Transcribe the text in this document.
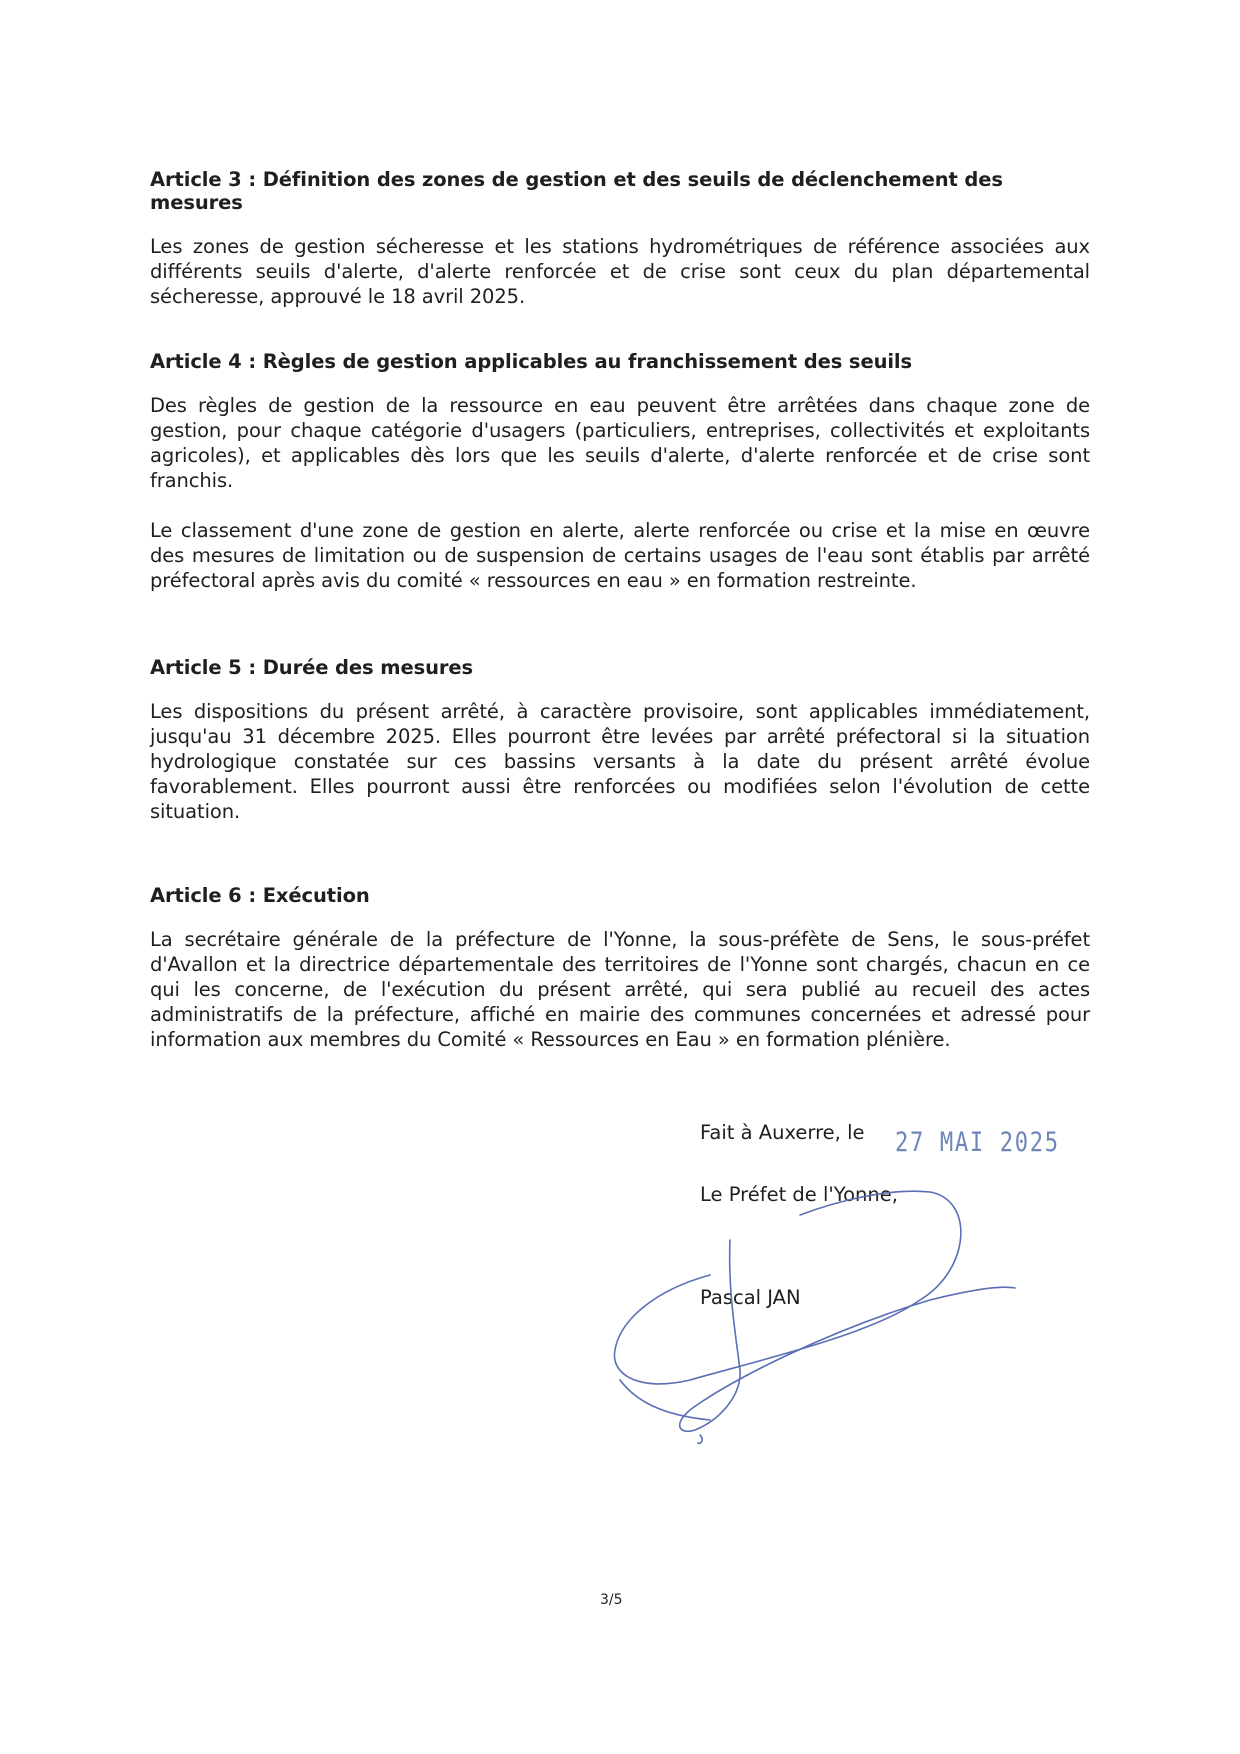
Article 3 : Définition des zones de gestion et des seuils de déclenchement des mesures

Les zones de gestion sécheresse et les stations hydrométriques de référence associées aux différents seuils d'alerte, d'alerte renforcée et de crise sont ceux du plan départemental sécheresse, approuvé le 18 avril 2025.

Article 4 : Règles de gestion applicables au franchissement des seuils

Des règles de gestion de la ressource en eau peuvent être arrêtées dans chaque zone de gestion, pour chaque catégorie d'usagers (particuliers, entreprises, collectivités et exploitants agricoles), et applicables dès lors que les seuils d'alerte, d'alerte renforcée et de crise sont franchis.

Le classement d'une zone de gestion en alerte, alerte renforcée ou crise et la mise en œuvre des mesures de limitation ou de suspension de certains usages de l'eau sont établis par arrêté préfectoral après avis du comité « ressources en eau » en formation restreinte.

Article 5 : Durée des mesures

Les dispositions du présent arrêté, à caractère provisoire, sont applicables immédiatement, jusqu'au 31 décembre 2025. Elles pourront être levées par arrêté préfectoral si la situation hydrologique constatée sur ces bassins versants à la date du présent arrêté évolue favorablement. Elles pourront aussi être renforcées ou modifiées selon l'évolution de cette situation.

Article 6 : Exécution

La secrétaire générale de la préfecture de l'Yonne, la sous-préfète de Sens, le sous-préfet d'Avallon et la directrice départementale des territoires de l'Yonne sont chargés, chacun en ce qui les concerne, de l'exécution du présent arrêté, qui sera publié au recueil des actes administratifs de la préfecture, affiché en mairie des communes concernées et adressé pour information aux membres du Comité « Ressources en Eau » en formation plénière.

Fait à Auxerre, le 27 MAI 2025
Le Préfet de l'Yonne,
Pascal JAN
3/5
